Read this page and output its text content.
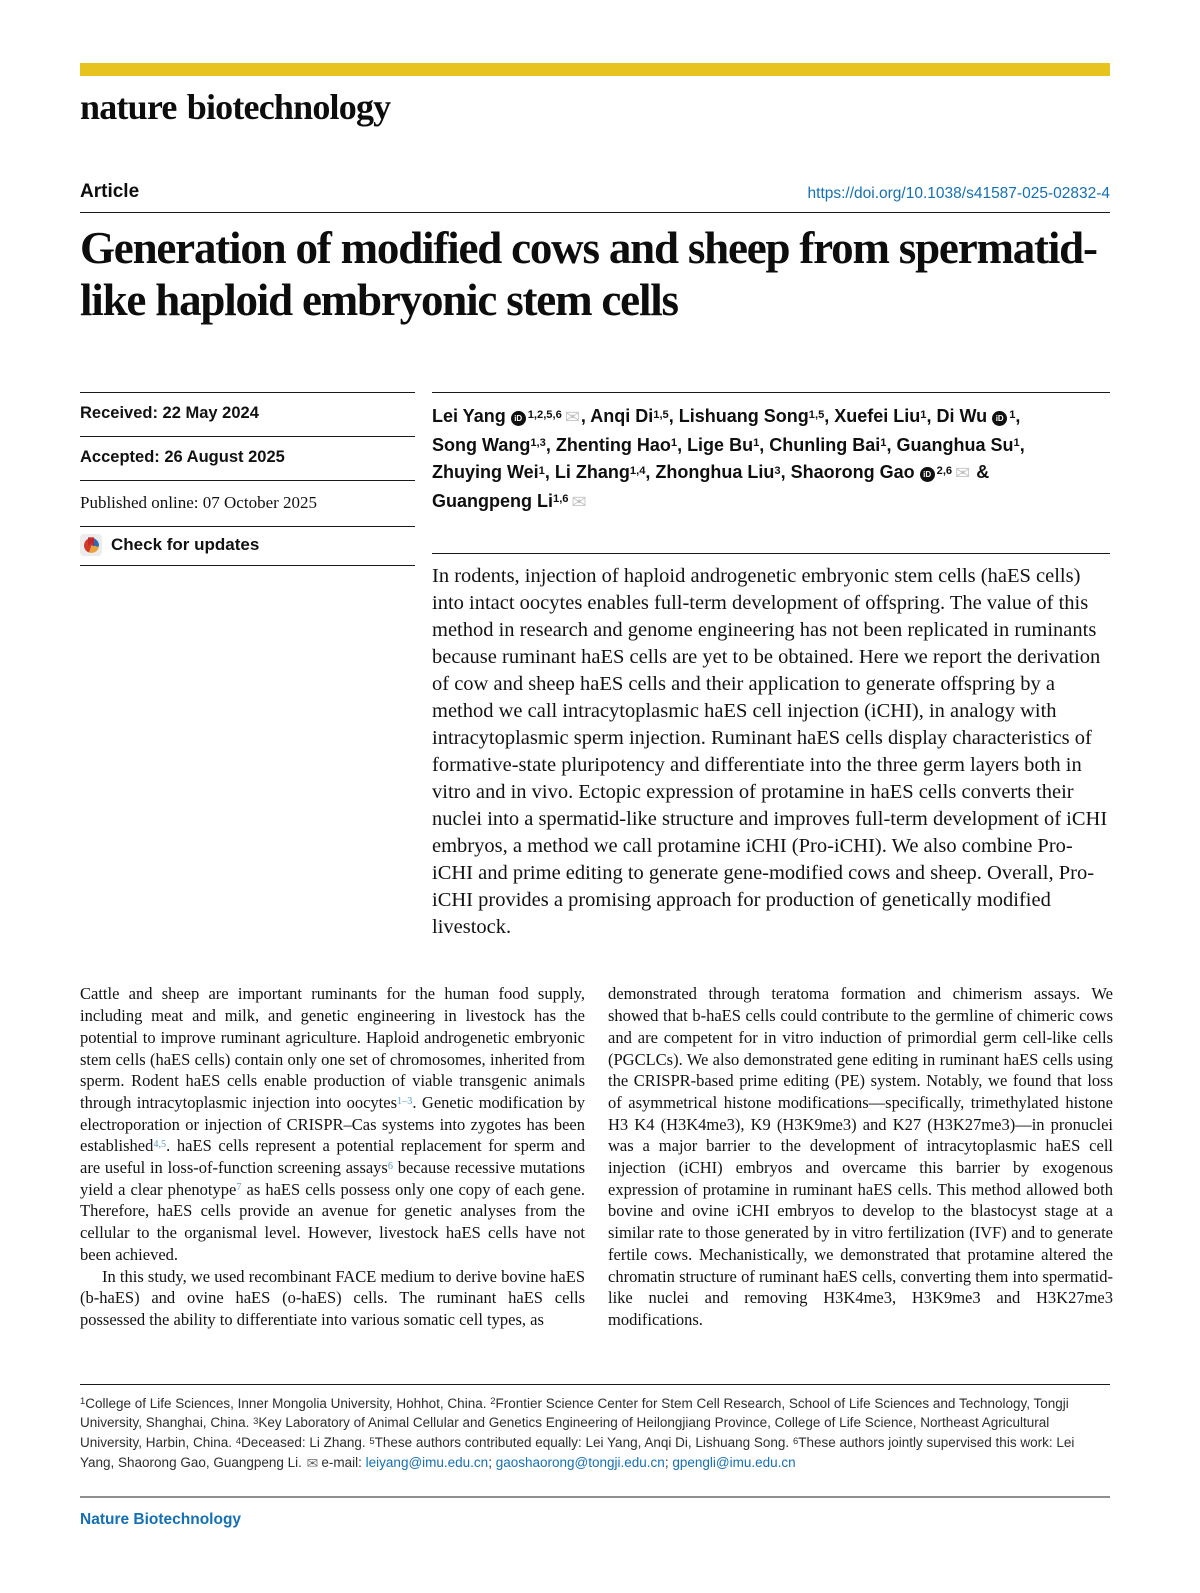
nature biotechnology
Article	https://doi.org/10.1038/s41587-025-02832-4
Generation of modified cows and sheep from spermatid-like haploid embryonic stem cells
Received: 22 May 2024
Accepted: 26 August 2025
Published online: 07 October 2025
Check for updates

Lei Yang iD $^{1,2,5,6}$ ✉, Anqi Di$^{1,5}$, Lishuang Song$^{1,5}$, Xuefei Liu$^1$, Di Wu iD $^1$,

Song Wang$^{1,3}$, Zhenting Hao$^1$, Lige Bu$^1$, Chunling Bai$^1$, Guanghua Su$^1$,

Zhuying Wei$^1$, Li Zhang$^{1,4}$, Zhonghua Liu$^3$, Shaorong Gao iD $^{2,6}$ ✉ &

Guangpeng Li$^{1,6}$ ✉

In rodents, injection of haploid androgenetic embryonic stem cells (haES cells) into intact oocytes enables full-term development of offspring. The value of this method in research and genome engineering has not been replicated in ruminants because ruminant haES cells are yet to be obtained. Here we report the derivation of cow and sheep haES cells and their application to generate offspring by a method we call intracytoplasmic haES cell injection (iCHI), in analogy with intracytoplasmic sperm injection. Ruminant haES cells display characteristics of formative-state pluripotency and differentiate into the three germ layers both in vitro and in vivo. Ectopic expression of protamine in haES cells converts their nuclei into a spermatid-like structure and improves full-term development of iCHI embryos, a method we call protamine iCHI (Pro-iCHI). We also combine Pro-iCHI and prime editing to generate gene-modified cows and sheep. Overall, Pro-iCHI provides a promising approach for production of genetically modified livestock.

Cattle and sheep are important ruminants for the human food supply, including meat and milk, and genetic engineering in livestock has the potential to improve ruminant agriculture. Haploid androgenetic embryonic stem cells (haES cells) contain only one set of chromosomes, inherited from sperm. Rodent haES cells enable production of viable transgenic animals through intracytoplasmic injection into oocytes$^{1-3}$. Genetic modification by electroporation or injection of CRISPR–Cas systems into zygotes has been established$^{4,5}$. haES cells represent a potential replacement for sperm and are useful in loss-of-function screening assays$^6$ because recessive mutations yield a clear phenotype$^7$ as haES cells possess only one copy of each gene. Therefore, haES cells provide an avenue for genetic analyses from the cellular to the organismal level. However, livestock haES cells have not been achieved.

In this study, we used recombinant FACE medium to derive bovine haES (b-haES) and ovine haES (o-haES) cells. The ruminant haES cells possessed the ability to differentiate into various somatic cell types, as

demonstrated through teratoma formation and chimerism assays. We showed that b-haES cells could contribute to the germline of chimeric cows and are competent for in vitro induction of primordial germ cell-like cells (PGCLCs). We also demonstrated gene editing in ruminant haES cells using the CRISPR-based prime editing (PE) system. Notably, we found that loss of asymmetrical histone modifications—specifically, trimethylated histone H3 K4 (H3K4me3), K9 (H3K9me3) and K27 (H3K27me3)—in pronuclei was a major barrier to the development of intracytoplasmic haES cell injection (iCHI) embryos and overcame this barrier by exogenous expression of protamine in ruminant haES cells. This method allowed both bovine and ovine iCHI embryos to develop to the blastocyst stage at a similar rate to those generated by in vitro fertilization (IVF) and to generate fertile cows. Mechanistically, we demonstrated that protamine altered the chromatin structure of ruminant haES cells, converting them into spermatid-like nuclei and removing H3K4me3, H3K9me3 and H3K27me3 modifications.

$^1$College of Life Sciences, Inner Mongolia University, Hohhot, China. $^2$Frontier Science Center for Stem Cell Research, School of Life Sciences and Technology, Tongji University, Shanghai, China. $^3$Key Laboratory of Animal Cellular and Genetics Engineering of Heilongjiang Province, College of Life Science, Northeast Agricultural University, Harbin, China. $^4$Deceased: Li Zhang. $^5$These authors contributed equally: Lei Yang, Anqi Di, Lishuang Song. $^6$These authors jointly supervised this work: Lei Yang, Shaorong Gao, Guangpeng Li. ✉ e-mail: leiyang@imu.edu.cn; gaoshaorong@tongji.edu.cn; gpengli@imu.edu.cn

Nature Biotechnology
